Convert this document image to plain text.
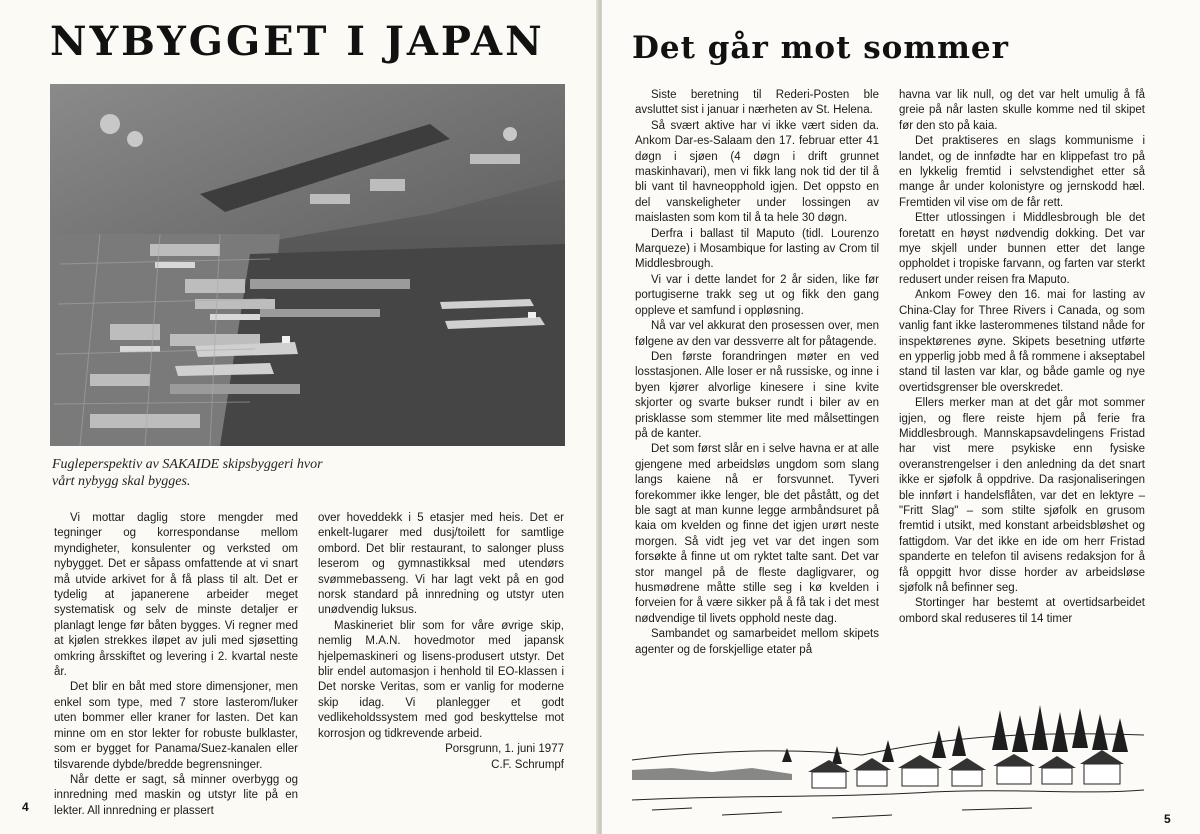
NYBYGGET I JAPAN

Fugleperspektiv av SAKAIDE skipsbyggeri hvor vårt nybygg skal bygges.

Vi mottar daglig store mengder med tegninger og korrespondanse mellom myndigheter, konsulenter og verksted om nybygget. Det er såpass omfattende at vi snart må utvide arkivet for å få plass til alt. Det er tydelig at japanerene arbeider meget systematisk og selv de minste detaljer er planlagt lenge før båten bygges. Vi regner med at kjølen strekkes iløpet av juli med sjøsetting omkring årsskiftet og levering i 2. kvartal neste år.

Det blir en båt med store dimensjoner, men enkel som type, med 7 store lasterom/luker uten bommer eller kraner for lasten. Det kan minne om en stor lekter for robuste bulklaster, som er bygget for Panama/Suez-kanalen eller tilsvarende dybde/bredde begrensninger.

Når dette er sagt, så minner overbygg og innredning med maskin og utstyr lite på en lekter. All innredning er plassert

over hoveddekk i 5 etasjer med heis. Det er enkelt-lugarer med dusj/toilett for samtlige ombord. Det blir restaurant, to salonger pluss leserom og gymnastikksal med utendørs svømmebasseng. Vi har lagt vekt på en god norsk standard på innredning og utstyr uten unødvendig luksus.

Maskineriet blir som for våre øvrige skip, nemlig M.A.N. hovedmotor med japansk hjelpemaskineri og lisens-produsert utstyr. Det blir endel automasjon i henhold til EO-klassen i Det norske Veritas, som er vanlig for moderne skip idag. Vi planlegger et godt vedlikeholdssystem med god beskyttelse mot korrosjon og tidkrevende arbeid.

Porsgrunn, 1. juni 1977
C.F. Schrumpf

4
Det går mot sommer

Siste beretning til Rederi-Posten ble avsluttet sist i januar i nærheten av St. Helena.

Så svært aktive har vi ikke vært siden da. Ankom Dar-es-Salaam den 17. februar etter 41 døgn i sjøen (4 døgn i drift grunnet maskinhavari), men vi fikk lang nok tid der til å bli vant til havneopphold igjen. Det oppsto en del vanskeligheter under lossingen av maislasten som kom til å ta hele 30 døgn.

Derfra i ballast til Maputo (tidl. Lourenzo Marqueze) i Mosambique for lasting av Crom til Middlesbrough.

Vi var i dette landet for 2 år siden, like før portugiserne trakk seg ut og fikk den gang oppleve et samfund i oppløsning.

Nå var vel akkurat den prosessen over, men følgene av den var dessverre alt for påtagende.

Den første forandringen møter en ved losstasjonen. Alle loser er nå russiske, og inne i byen kjører alvorlige kinesere i sine kvite skjorter og svarte bukser rundt i biler av en prisklasse som stemmer lite med målsettingen på de kanter.

Det som først slår en i selve havna er at alle gjengene med arbeidsløs ungdom som slang langs kaiene nå er forsvunnet. Tyveri forekommer ikke lenger, ble det påstått, og det ble sagt at man kunne legge armbåndsuret på kaia om kvelden og finne det igjen urørt neste morgen. Så vidt jeg vet var det ingen som forsøkte å finne ut om ryktet talte sant. Det var stor mangel på de fleste dagligvarer, og husmødrene måtte stille seg i kø kvelden i forveien for å være sikker på å få tak i det mest nødvendige til livets opphold neste dag.

Sambandet og samarbeidet mellom skipets agenter og de forskjellige etater på

havna var lik null, og det var helt umulig å få greie på når lasten skulle komme ned til skipet før den sto på kaia.

Det praktiseres en slags kommunisme i landet, og de innfødte har en klippefast tro på en lykkelig fremtid i selvstendighet etter så mange år under kolonistyre og jernskodd hæl. Fremtiden vil vise om de får rett.

Etter utlossingen i Middlesbrough ble det foretatt en høyst nødvendig dokking. Det var mye skjell under bunnen etter det lange oppholdet i tropiske farvann, og farten var sterkt redusert under reisen fra Maputo.

Ankom Fowey den 16. mai for lasting av China-Clay for Three Rivers i Canada, og som vanlig fant ikke lasterommenes tilstand nåde for inspektørenes øyne. Skipets besetning utførte en ypperlig jobb med å få rommene i akseptabel stand til lasten var klar, og både gamle og nye overtidsgrenser ble overskredet.

Ellers merker man at det går mot sommer igjen, og flere reiste hjem på ferie fra Middlesbrough. Mannskapsavdelingens Fristad har vist mere psykiske enn fysiske overanstrengelser i den anledning da det snart ikke er sjøfolk å oppdrive. Da rasjonaliseringen ble innført i handelsflåten, var det en lektyre – "Fritt Slag" – som stilte sjøfolk en grusom fremtid i utsikt, med konstant arbeidsbløshet og fattigdom. Var det ikke en ide om herr Fristad spanderte en telefon til avisens redaksjon for å få oppgitt hvor disse horder av arbeidsløse sjøfolk nå befinner seg.

Stortinger har bestemt at overtidsarbeidet ombord skal reduseres til 14 timer

5
